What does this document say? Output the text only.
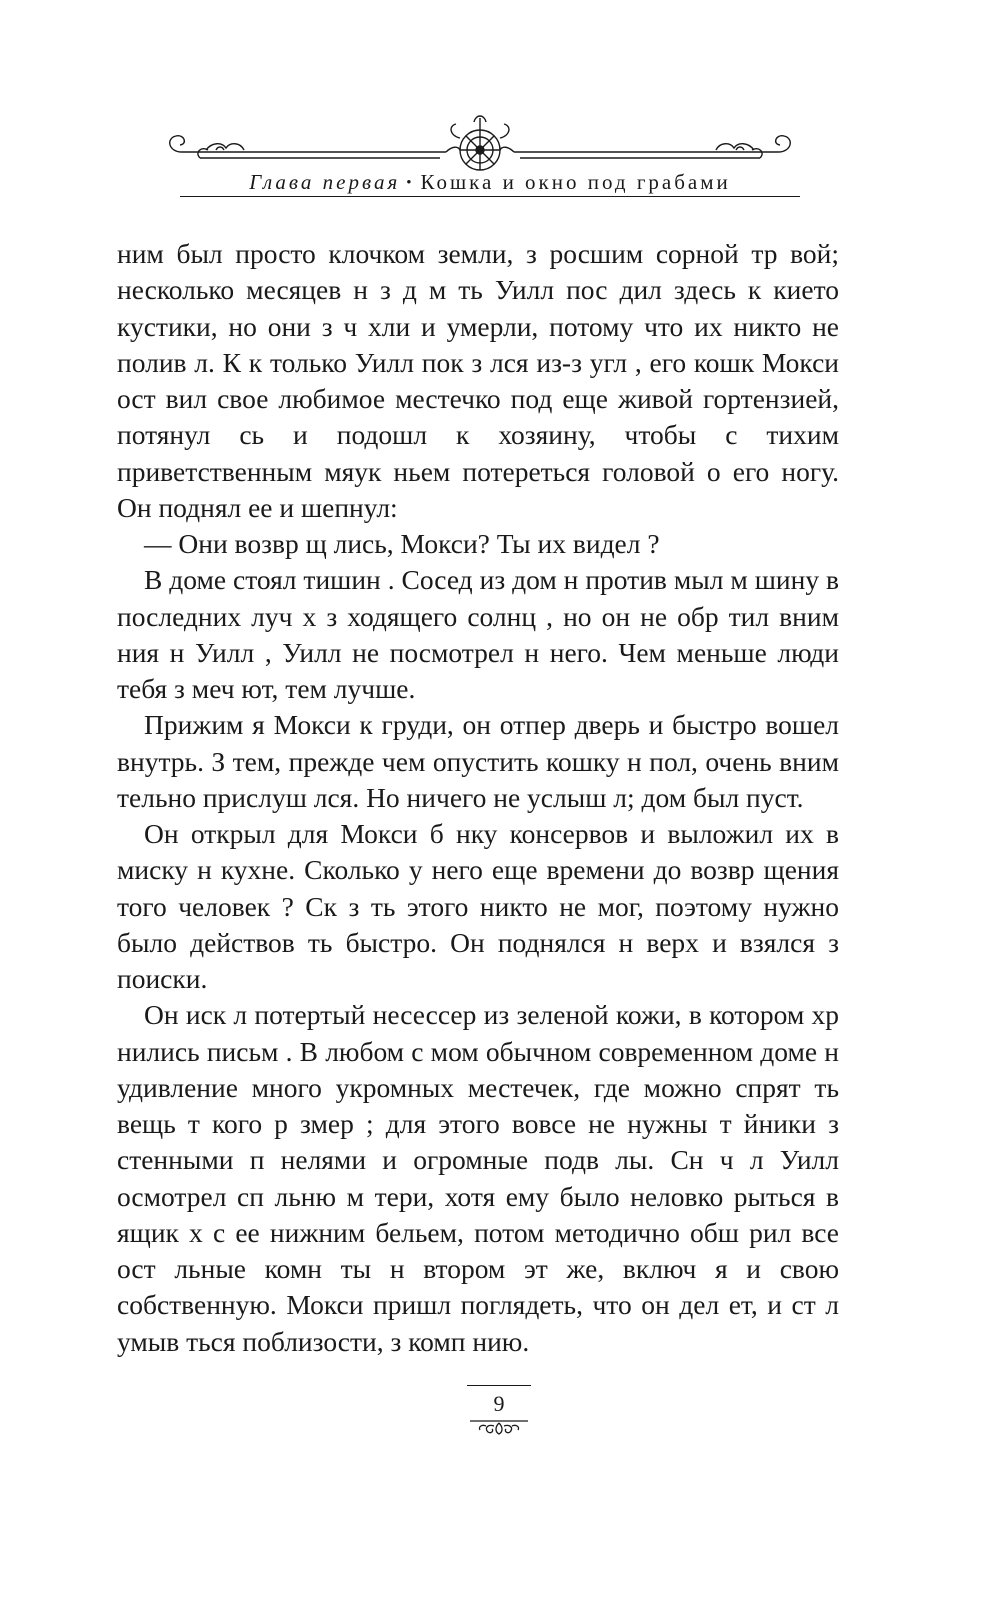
Глава первая • Кошка и окно под грабами

ним был просто клочком земли, з росшим сорной тр вой; несколько месяцев н з д м ть Уилл пос дил здесь к кието кустики, но они з ч хли и умерли, потому что их никто не полив л. К к только Уилл пок з лся из-з угл , его кошк Мокси ост вил свое любимое местечко под еще живой гортензией, потянул сь и подошл к хозяину, чтобы с тихим приветственным мяук ньем потереться головой о его ногу. Он поднял ее и шепнул:

— Они возвр щ лись, Мокси? Ты их видел ?

В доме стоял тишин . Сосед из дом н против мыл м шину в последних луч х з ходящего солнц , но он не обр тил вним ния н Уилл , Уилл не посмотрел н него. Чем меньше люди тебя з меч ют, тем лучше.

Прижим я Мокси к груди, он отпер дверь и быстро вошел внутрь. З тем, прежде чем опустить кошку н пол, очень вним тельно прислуш лся. Но ничего не услыш л; дом был пуст.

Он открыл для Мокси б нку консервов и выложил их в миску н кухне. Сколько у него еще времени до возвр щения того человек ? Ск з ть этого никто не мог, поэтому нужно было действов ть быстро. Он поднялся н верх и взялся з поиски.

Он иск л потертый несессер из зеленой кожи, в котором хр нились письм . В любом с мом обычном современном доме н удивление много укромных местечек, где можно спрят ть вещь т кого р змер ; для этого вовсе не нужны т йники з стенными п нелями и огромные подв лы. Сн ч л Уилл осмотрел сп льню м тери, хотя ему было неловко рыться в ящик х с ее нижним бельем, потом методично обш рил все ост льные комн ты н втором эт же, включ я и свою собственную. Мокси пришл поглядеть, что он дел ет, и ст л умыв ться поблизости, з комп нию.

9
